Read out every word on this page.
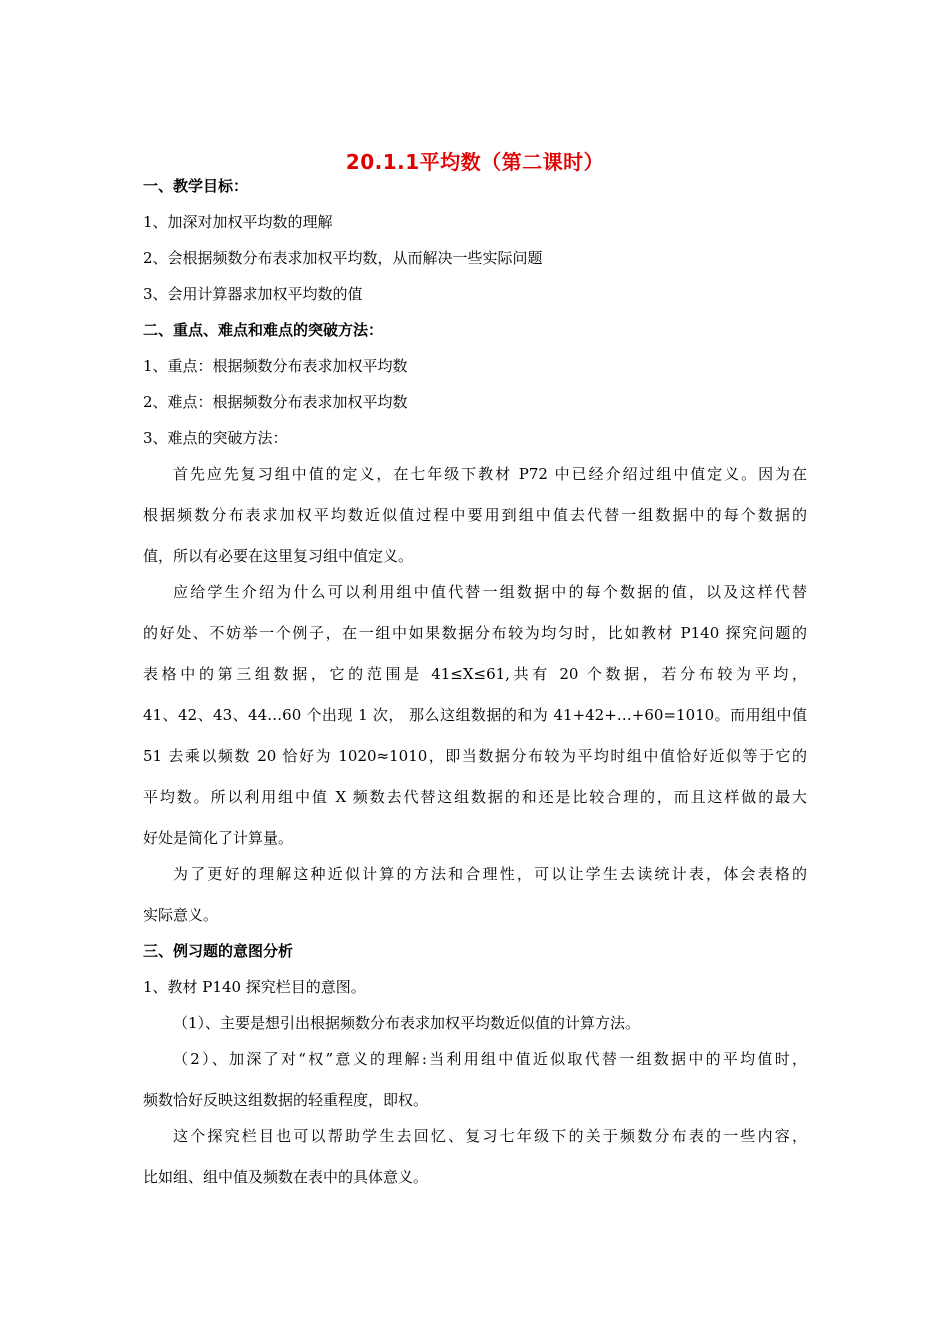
20.1.1平均数（第二课时）
一、教学目标：
1、加深对加权平均数的理解
2、会根据频数分布表求加权平均数，从而解决一些实际问题
3、会用计算器求加权平均数的值
二、重点、难点和难点的突破方法：
1、重点：根据频数分布表求加权平均数
2、难点：根据频数分布表求加权平均数
3、难点的突破方法：
首先应先复习组中值的定义，在七年级下教材 P72 中已经介绍过组中值定义。因为在
根据频数分布表求加权平均数近似值过程中要用到组中值去代替一组数据中的每个数据的
值，所以有必要在这里复习组中值定义。
应给学生介绍为什么可以利用组中值代替一组数据中的每个数据的值，以及这样代替
的好处、不妨举一个例子，在一组中如果数据分布较为均匀时，比如教材 P140 探究问题的
表格中的第三组数据，它的范围是 41≤X≤61,共有 20 个数据，若分布较为平均，
41、42、43、44…60 个出现 1 次， 那么这组数据的和为 41+42+…+60=1010。而用组中值
51 去乘以频数 20 恰好为 1020≈1010，即当数据分布较为平均时组中值恰好近似等于它的
平均数。所以利用组中值 X 频数去代替这组数据的和还是比较合理的，而且这样做的最大
好处是简化了计算量。
为了更好的理解这种近似计算的方法和合理性，可以让学生去读统计表，体会表格的
实际意义。
三、例习题的意图分析
1、教材 P140 探究栏目的意图。
（1）、主要是想引出根据频数分布表求加权平均数近似值的计算方法。
（2）、加深了对“权”意义的理解:当利用组中值近似取代替一组数据中的平均值时，
频数恰好反映这组数据的轻重程度，即权。
这个探究栏目也可以帮助学生去回忆、复习七年级下的关于频数分布表的一些内容，
比如组、组中值及频数在表中的具体意义。
